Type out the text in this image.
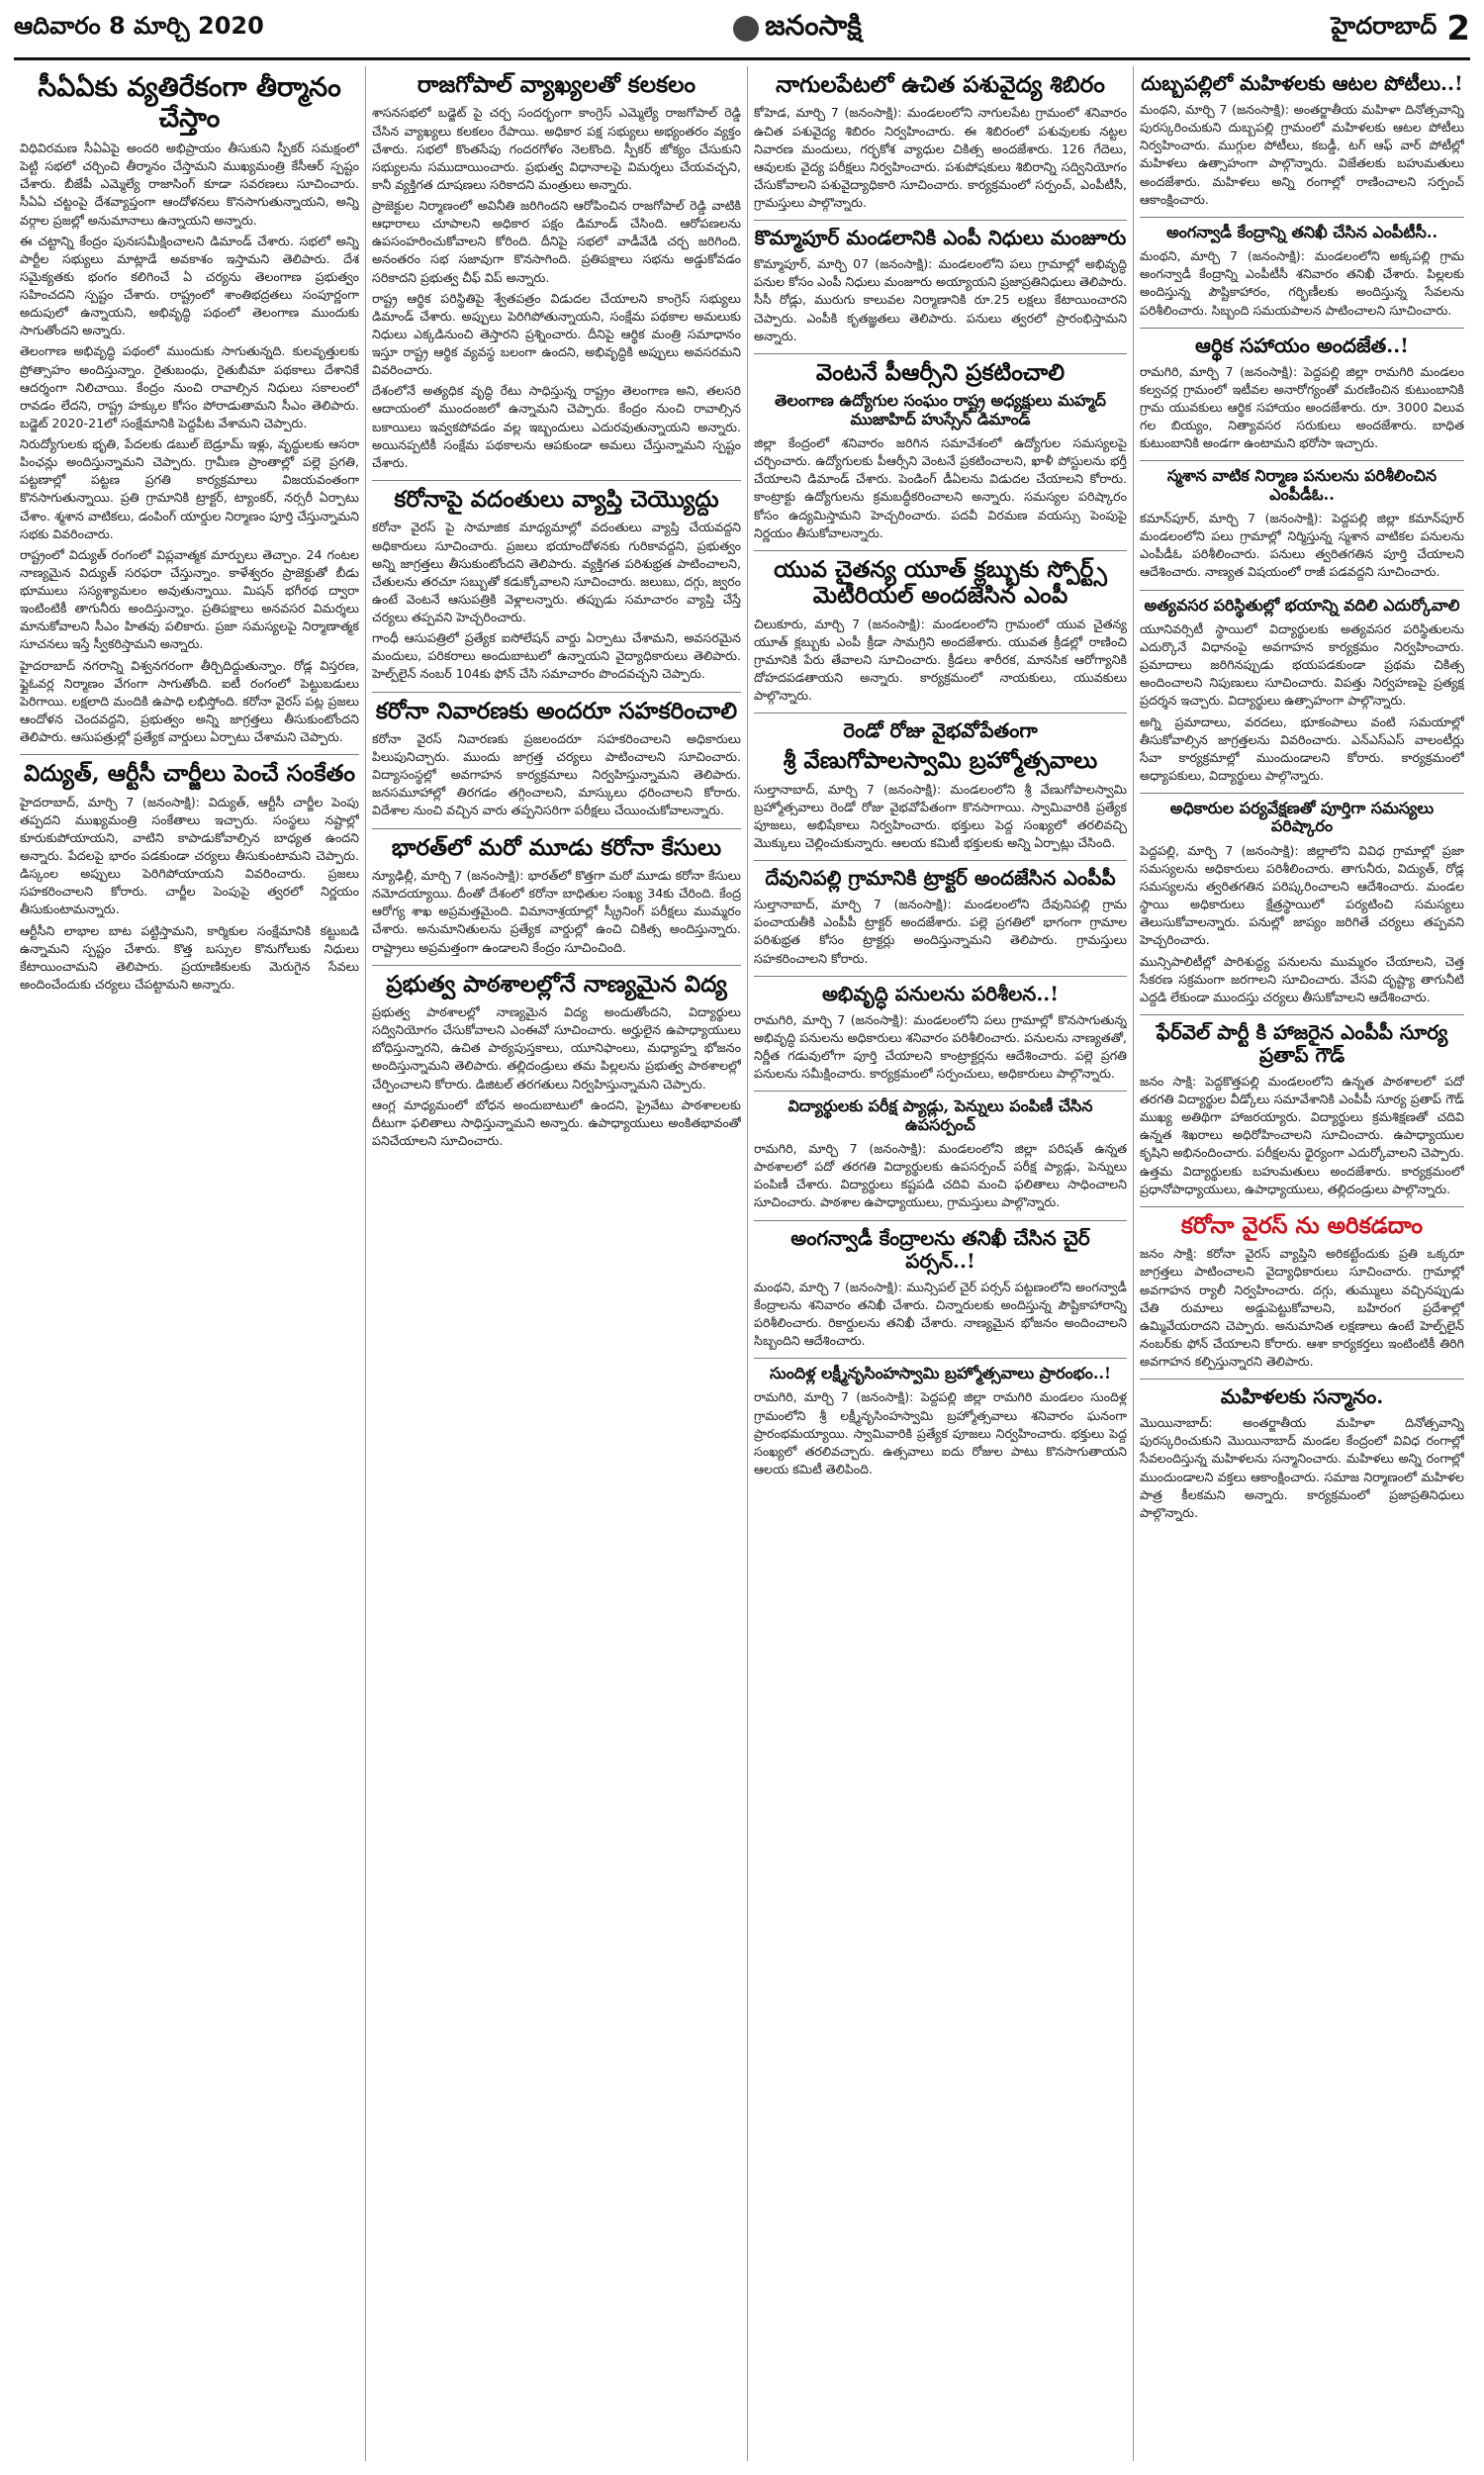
ఆదివారం 8 మార్చి 2020	జనంసాక్షి	హైదరాబాద్ 2
సీఏఏకు వ్యతిరేకంగా తీర్మానం చేస్తాం

విధివిరమణ సీఏఏపై అందరి అభిప్రాయం తీసుకుని స్పీకర్ సమక్షంలో పెట్టి సభలో చర్చించి తీర్మానం చేస్తామని ముఖ్యమంత్రి కేసీఆర్ స్పష్టం చేశారు. బీజేపీ ఎమ్మెల్యే రాజాసింగ్ కూడా సవరణలు సూచించారు. సీఏఏ చట్టంపై దేశవ్యాప్తంగా ఆందోళనలు కొనసాగుతున్నాయని, అన్ని వర్గాల ప్రజల్లో అనుమానాలు ఉన్నాయని అన్నారు.

ఈ చట్టాన్ని కేంద్రం పునఃసమీక్షించాలని డిమాండ్ చేశారు. సభలో అన్ని పార్టీల సభ్యులు మాట్లాడే అవకాశం ఇస్తామని తెలిపారు. దేశ సమైక్యతకు భంగం కలిగించే ఏ చర్యను తెలంగాణ ప్రభుత్వం సహించదని స్పష్టం చేశారు. రాష్ట్రంలో శాంతిభద్రతలు సంపూర్ణంగా అదుపులో ఉన్నాయని, అభివృద్ధి పథంలో తెలంగాణ ముందుకు సాగుతోందని అన్నారు.

తెలంగాణ అభివృద్ధి పథంలో ముందుకు సాగుతున్నది. కులవృత్తులకు ప్రోత్సాహం అందిస్తున్నాం. రైతుబంధు, రైతుబీమా పథకాలు దేశానికే ఆదర్శంగా నిలిచాయి. కేంద్రం నుంచి రావాల్సిన నిధులు సకాలంలో రావడం లేదని, రాష్ట్ర హక్కుల కోసం పోరాడుతామని సీఎం తెలిపారు. బడ్జెట్ 2020-21లో సంక్షేమానికి పెద్దపీట వేశామని చెప్పారు.

నిరుద్యోగులకు భృతి, పేదలకు డబుల్ బెడ్రూమ్ ఇళ్లు, వృద్ధులకు ఆసరా పింఛన్లు అందిస్తున్నామని చెప్పారు. గ్రామీణ ప్రాంతాల్లో పల్లె ప్రగతి, పట్టణాల్లో పట్టణ ప్రగతి కార్యక్రమాలు విజయవంతంగా కొనసాగుతున్నాయి. ప్రతి గ్రామానికి ట్రాక్టర్, ట్యాంకర్, నర్సరీ ఏర్పాటు చేశాం. శ్మశాన వాటికలు, డంపింగ్ యార్డుల నిర్మాణం పూర్తి చేస్తున్నామని సభకు వివరించారు.

రాష్ట్రంలో విద్యుత్ రంగంలో విప్లవాత్మక మార్పులు తెచ్చాం. 24 గంటల నాణ్యమైన విద్యుత్ సరఫరా చేస్తున్నాం. కాళేశ్వరం ప్రాజెక్టుతో బీడు భూములు సస్యశ్యామలం అవుతున్నాయి. మిషన్ భగీరథ ద్వారా ఇంటింటికీ తాగునీరు అందిస్తున్నాం. ప్రతిపక్షాలు అనవసర విమర్శలు మానుకోవాలని సీఎం హితవు పలికారు. ప్రజా సమస్యలపై నిర్మాణాత్మక సూచనలు ఇస్తే స్వీకరిస్తామని అన్నారు.

హైదరాబాద్ నగరాన్ని విశ్వనగరంగా తీర్చిదిద్దుతున్నాం. రోడ్ల విస్తరణ, ఫ్లైఓవర్ల నిర్మాణం వేగంగా సాగుతోంది. ఐటీ రంగంలో పెట్టుబడులు పెరిగాయి. లక్షలాది మందికి ఉపాధి లభిస్తోంది. కరోనా వైరస్ పట్ల ప్రజలు ఆందోళన చెందవద్దని, ప్రభుత్వం అన్ని జాగ్రత్తలు తీసుకుంటోందని తెలిపారు. ఆసుపత్రుల్లో ప్రత్యేక వార్డులు ఏర్పాటు చేశామని చెప్పారు.

విద్యుత్, ఆర్టీసీ చార్జీలు పెంచే సంకేతం

హైదరాబాద్, మార్చి 7 (జనంసాక్షి): విద్యుత్, ఆర్టీసీ చార్జీల పెంపు తప్పదని ముఖ్యమంత్రి సంకేతాలు ఇచ్చారు. సంస్థలు నష్టాల్లో కూరుకుపోయాయని, వాటిని కాపాడుకోవాల్సిన బాధ్యత ఉందని అన్నారు. పేదలపై భారం పడకుండా చర్యలు తీసుకుంటామని చెప్పారు. డిస్కంల అప్పులు పెరిగిపోయాయని వివరించారు. ప్రజలు సహకరించాలని కోరారు. చార్జీల పెంపుపై త్వరలో నిర్ణయం తీసుకుంటామన్నారు.

ఆర్టీసీని లాభాల బాట పట్టిస్తామని, కార్మికుల సంక్షేమానికి కట్టుబడి ఉన్నామని స్పష్టం చేశారు. కొత్త బస్సుల కొనుగోలుకు నిధులు కేటాయించామని తెలిపారు. ప్రయాణికులకు మెరుగైన సేవలు అందించేందుకు చర్యలు చేపట్టామని అన్నారు.

రాజగోపాల్ వ్యాఖ్యలతో కలకలం

శాసనసభలో బడ్జెట్ పై చర్చ సందర్భంగా కాంగ్రెస్ ఎమ్మెల్యే రాజగోపాల్ రెడ్డి చేసిన వ్యాఖ్యలు కలకలం రేపాయి. అధికార పక్ష సభ్యులు అభ్యంతరం వ్యక్తం చేశారు. సభలో కొంతసేపు గందరగోళం నెలకొంది. స్పీకర్ జోక్యం చేసుకుని సభ్యులను సముదాయించారు. ప్రభుత్వ విధానాలపై విమర్శలు చేయవచ్చని, కానీ వ్యక్తిగత దూషణలు సరికాదని మంత్రులు అన్నారు.

ప్రాజెక్టుల నిర్మాణంలో అవినీతి జరిగిందని ఆరోపించిన రాజగోపాల్ రెడ్డి వాటికి ఆధారాలు చూపాలని అధికార పక్షం డిమాండ్ చేసింది. ఆరోపణలను ఉపసంహరించుకోవాలని కోరింది. దీనిపై సభలో వాడీవేడి చర్చ జరిగింది. అనంతరం సభ సజావుగా కొనసాగింది. ప్రతిపక్షాలు సభను అడ్డుకోవడం సరికాదని ప్రభుత్వ చీఫ్ విప్ అన్నారు.

రాష్ట్ర ఆర్థిక పరిస్థితిపై శ్వేతపత్రం విడుదల చేయాలని కాంగ్రెస్ సభ్యులు డిమాండ్ చేశారు. అప్పులు పెరిగిపోతున్నాయని, సంక్షేమ పథకాల అమలుకు నిధులు ఎక్కడినుంచి తెస్తారని ప్రశ్నించారు. దీనిపై ఆర్థిక మంత్రి సమాధానం ఇస్తూ రాష్ట్ర ఆర్థిక వ్యవస్థ బలంగా ఉందని, అభివృద్ధికి అప్పులు అవసరమని వివరించారు.

దేశంలోనే అత్యధిక వృద్ధి రేటు సాధిస్తున్న రాష్ట్రం తెలంగాణ అని, తలసరి ఆదాయంలో ముందంజలో ఉన్నామని చెప్పారు. కేంద్రం నుంచి రావాల్సిన బకాయిలు ఇవ్వకపోవడం వల్ల ఇబ్బందులు ఎదురవుతున్నాయని అన్నారు. అయినప్పటికీ సంక్షేమ పథకాలను ఆపకుండా అమలు చేస్తున్నామని స్పష్టం చేశారు.

కరోనాపై వదంతులు వ్యాప్తి చెయ్యొద్దు

కరోనా వైరస్ పై సామాజిక మాధ్యమాల్లో వదంతులు వ్యాప్తి చేయవద్దని అధికారులు సూచించారు. ప్రజలు భయాందోళనకు గురికావద్దని, ప్రభుత్వం అన్ని జాగ్రత్తలు తీసుకుంటోందని తెలిపారు. వ్యక్తిగత పరిశుభ్రత పాటించాలని, చేతులను తరచూ సబ్బుతో కడుక్కోవాలని సూచించారు. జలుబు, దగ్గు, జ్వరం ఉంటే వెంటనే ఆసుపత్రికి వెళ్లాలన్నారు. తప్పుడు సమాచారం వ్యాప్తి చేస్తే చర్యలు తప్పవని హెచ్చరించారు.

గాంధీ ఆసుపత్రిలో ప్రత్యేక ఐసోలేషన్ వార్డు ఏర్పాటు చేశామని, అవసరమైన మందులు, పరికరాలు అందుబాటులో ఉన్నాయని వైద్యాధికారులు తెలిపారు. హెల్ప్‌లైన్ నంబర్ 104కు ఫోన్ చేసి సమాచారం పొందవచ్చని చెప్పారు.

కరోనా నివారణకు అందరూ సహకరించాలి

కరోనా వైరస్ నివారణకు ప్రజలందరూ సహకరించాలని అధికారులు పిలుపునిచ్చారు. ముందు జాగ్రత్త చర్యలు పాటించాలని సూచించారు. విద్యాసంస్థల్లో అవగాహన కార్యక్రమాలు నిర్వహిస్తున్నామని తెలిపారు. జనసమూహాల్లో తిరగడం తగ్గించాలని, మాస్కులు ధరించాలని కోరారు. విదేశాల నుంచి వచ్చిన వారు తప్పనిసరిగా పరీక్షలు చేయించుకోవాలన్నారు.

భారత్‌లో మరో మూడు కరోనా కేసులు

న్యూఢిల్లీ, మార్చి 7 (జనంసాక్షి): భారత్‌లో కొత్తగా మరో మూడు కరోనా కేసులు నమోదయ్యాయి. దీంతో దేశంలో కరోనా బాధితుల సంఖ్య 34కు చేరింది. కేంద్ర ఆరోగ్య శాఖ అప్రమత్తమైంది. విమానాశ్రయాల్లో స్క్రీనింగ్ పరీక్షలు ముమ్మరం చేశారు. అనుమానితులను ప్రత్యేక వార్డుల్లో ఉంచి చికిత్స అందిస్తున్నారు. రాష్ట్రాలు అప్రమత్తంగా ఉండాలని కేంద్రం సూచించింది.

ప్రభుత్వ పాఠశాలల్లోనే నాణ్యమైన విద్య

ప్రభుత్వ పాఠశాలల్లో నాణ్యమైన విద్య అందుతోందని, విద్యార్థులు సద్వినియోగం చేసుకోవాలని ఎంఈవో సూచించారు. అర్హులైన ఉపాధ్యాయులు బోధిస్తున్నారని, ఉచిత పాఠ్యపుస్తకాలు, యూనిఫాంలు, మధ్యాహ్న భోజనం అందిస్తున్నామని తెలిపారు. తల్లిదండ్రులు తమ పిల్లలను ప్రభుత్వ పాఠశాలల్లో చేర్పించాలని కోరారు. డిజిటల్ తరగతులు నిర్వహిస్తున్నామని చెప్పారు.

ఆంగ్ల మాధ్యమంలో బోధన అందుబాటులో ఉందని, ప్రైవేటు పాఠశాలలకు దీటుగా ఫలితాలు సాధిస్తున్నామని అన్నారు. ఉపాధ్యాయులు అంకితభావంతో పనిచేయాలని సూచించారు.

నాగులపేటలో ఉచిత పశువైద్య శిబిరం

కోహెడ, మార్చి 7 (జనంసాక్షి): మండలంలోని నాగులపేట గ్రామంలో శనివారం ఉచిత పశువైద్య శిబిరం నిర్వహించారు. ఈ శిబిరంలో పశువులకు నట్టల నివారణ మందులు, గర్భకోశ వ్యాధుల చికిత్స అందజేశారు. 126 గేదెలు, ఆవులకు వైద్య పరీక్షలు నిర్వహించారు. పశుపోషకులు శిబిరాన్ని సద్వినియోగం చేసుకోవాలని పశువైద్యాధికారి సూచించారు. కార్యక్రమంలో సర్పంచ్, ఎంపీటీసీ, గ్రామస్తులు పాల్గొన్నారు.

కొమ్మాపూర్ మండలానికి ఎంపీ నిధులు మంజూరు

కొమ్మాపూర్, మార్చి 07 (జనంసాక్షి): మండలంలోని పలు గ్రామాల్లో అభివృద్ధి పనుల కోసం ఎంపీ నిధులు మంజూరు అయ్యాయని ప్రజాప్రతినిధులు తెలిపారు. సీసీ రోడ్లు, మురుగు కాలువల నిర్మాణానికి రూ.25 లక్షలు కేటాయించారని చెప్పారు. ఎంపీకి కృతజ్ఞతలు తెలిపారు. పనులు త్వరలో ప్రారంభిస్తామని అన్నారు.

వెంటనే పీఆర్సీని ప్రకటించాలి
తెలంగాణ ఉద్యోగుల సంఘం రాష్ట్ర అధ్యక్షులు మహ్మద్ ముజాహిద్ హుస్సేన్ డిమాండ్

జిల్లా కేంద్రంలో శనివారం జరిగిన సమావేశంలో ఉద్యోగుల సమస్యలపై చర్చించారు. ఉద్యోగులకు పీఆర్సీని వెంటనే ప్రకటించాలని, ఖాళీ పోస్టులను భర్తీ చేయాలని డిమాండ్ చేశారు. పెండింగ్ డీఏలను విడుదల చేయాలని కోరారు. కాంట్రాక్టు ఉద్యోగులను క్రమబద్ధీకరించాలని అన్నారు. సమస్యల పరిష్కారం కోసం ఉద్యమిస్తామని హెచ్చరించారు. పదవీ విరమణ వయస్సు పెంపుపై నిర్ణయం తీసుకోవాలన్నారు.

యువ చైతన్య యూత్ క్లబ్బుకు స్పోర్ట్స్ మెటీరియల్ అందజేసిన ఎంపీ

చిలుకూరు, మార్చి 7 (జనంసాక్షి): మండలంలోని గ్రామంలో యువ చైతన్య యూత్ క్లబ్బుకు ఎంపీ క్రీడా సామగ్రిని అందజేశారు. యువత క్రీడల్లో రాణించి గ్రామానికి పేరు తేవాలని సూచించారు. క్రీడలు శారీరక, మానసిక ఆరోగ్యానికి దోహదపడతాయని అన్నారు. కార్యక్రమంలో నాయకులు, యువకులు పాల్గొన్నారు.

రెండో రోజు వైభవోపేతంగా
శ్రీ వేణుగోపాలస్వామి బ్రహ్మోత్సవాలు

సుల్తానాబాద్, మార్చి 7 (జనంసాక్షి): మండలంలోని శ్రీ వేణుగోపాలస్వామి బ్రహ్మోత్సవాలు రెండో రోజు వైభవోపేతంగా కొనసాగాయి. స్వామివారికి ప్రత్యేక పూజలు, అభిషేకాలు నిర్వహించారు. భక్తులు పెద్ద సంఖ్యలో తరలివచ్చి మొక్కులు చెల్లించుకున్నారు. ఆలయ కమిటీ భక్తులకు అన్ని ఏర్పాట్లు చేసింది.

దేవునిపల్లి గ్రామానికి ట్రాక్టర్ అందజేసిన ఎంపీపీ

సుల్తానాబాద్, మార్చి 7 (జనంసాక్షి): మండలంలోని దేవునిపల్లి గ్రామ పంచాయతీకి ఎంపీపీ ట్రాక్టర్ అందజేశారు. పల్లె ప్రగతిలో భాగంగా గ్రామాల పరిశుభ్రత కోసం ట్రాక్టర్లు అందిస్తున్నామని తెలిపారు. గ్రామస్తులు సహకరించాలని కోరారు.

అభివృద్ధి పనులను పరిశీలన..!

రామగిరి, మార్చి 7 (జనంసాక్షి): మండలంలోని పలు గ్రామాల్లో కొనసాగుతున్న అభివృద్ధి పనులను అధికారులు శనివారం పరిశీలించారు. పనులను నాణ్యతతో, నిర్ణీత గడువులోగా పూర్తి చేయాలని కాంట్రాక్టర్లను ఆదేశించారు. పల్లె ప్రగతి పనులను సమీక్షించారు. కార్యక్రమంలో సర్పంచులు, అధికారులు పాల్గొన్నారు.

విద్యార్థులకు పరీక్ష ప్యాడ్లు, పెన్నులు పంపిణీ చేసిన ఉపసర్పంచ్

రామగిరి, మార్చి 7 (జనంసాక్షి): మండలంలోని జిల్లా పరిషత్ ఉన్నత పాఠశాలలో పదో తరగతి విద్యార్థులకు ఉపసర్పంచ్ పరీక్ష ప్యాడ్లు, పెన్నులు పంపిణీ చేశారు. విద్యార్థులు కష్టపడి చదివి మంచి ఫలితాలు సాధించాలని సూచించారు. పాఠశాల ఉపాధ్యాయులు, గ్రామస్తులు పాల్గొన్నారు.

అంగన్వాడీ కేంద్రాలను తనిఖీ చేసిన చైర్ పర్సన్..!

మంథని, మార్చి 7 (జనంసాక్షి): మున్సిపల్ చైర్ పర్సన్ పట్టణంలోని అంగన్వాడీ కేంద్రాలను శనివారం తనిఖీ చేశారు. చిన్నారులకు అందిస్తున్న పౌష్టికాహారాన్ని పరిశీలించారు. రికార్డులను తనిఖీ చేశారు. నాణ్యమైన భోజనం అందించాలని సిబ్బందిని ఆదేశించారు.

సుందిళ్ల లక్ష్మీనృసింహస్వామి బ్రహ్మోత్సవాలు ప్రారంభం..!

రామగిరి, మార్చి 7 (జనంసాక్షి): పెద్దపల్లి జిల్లా రామగిరి మండలం సుందిళ్ల గ్రామంలోని శ్రీ లక్ష్మీనృసింహస్వామి బ్రహ్మోత్సవాలు శనివారం ఘనంగా ప్రారంభమయ్యాయి. స్వామివారికి ప్రత్యేక పూజలు నిర్వహించారు. భక్తులు పెద్ద సంఖ్యలో తరలివచ్చారు. ఉత్సవాలు ఐదు రోజుల పాటు కొనసాగుతాయని ఆలయ కమిటీ తెలిపింది.

దుబ్బపల్లిలో మహిళలకు ఆటల పోటీలు..!

మంథని, మార్చి 7 (జనంసాక్షి): అంతర్జాతీయ మహిళా దినోత్సవాన్ని పురస్కరించుకుని దుబ్బపల్లి గ్రామంలో మహిళలకు ఆటల పోటీలు నిర్వహించారు. ముగ్గుల పోటీలు, కబడ్డీ, టగ్ ఆఫ్ వార్ పోటీల్లో మహిళలు ఉత్సాహంగా పాల్గొన్నారు. విజేతలకు బహుమతులు అందజేశారు. మహిళలు అన్ని రంగాల్లో రాణించాలని సర్పంచ్ ఆకాంక్షించారు.

అంగన్వాడీ కేంద్రాన్ని తనిఖీ చేసిన ఎంపీటీసీ..

మంథని, మార్చి 7 (జనంసాక్షి): మండలంలోని అక్కపల్లి గ్రామ అంగన్వాడీ కేంద్రాన్ని ఎంపీటీసీ శనివారం తనిఖీ చేశారు. పిల్లలకు అందిస్తున్న పౌష్టికాహారం, గర్భిణీలకు అందిస్తున్న సేవలను పరిశీలించారు. సిబ్బంది సమయపాలన పాటించాలని సూచించారు.

ఆర్థిక సహాయం అందజేత..!

రామగిరి, మార్చి 7 (జనంసాక్షి): పెద్దపల్లి జిల్లా రామగిరి మండలం కల్వచర్ల గ్రామంలో ఇటీవల అనారోగ్యంతో మరణించిన కుటుంబానికి గ్రామ యువకులు ఆర్థిక సహాయం అందజేశారు. రూ. 3000 విలువ గల బియ్యం, నిత్యావసర సరుకులు అందజేశారు. బాధిత కుటుంబానికి అండగా ఉంటామని భరోసా ఇచ్చారు.

స్మశాన వాటిక నిర్మాణ పనులను పరిశీలించిన ఎంపీడీఓ..

కమాన్‌పూర్, మార్చి 7 (జనంసాక్షి): పెద్దపల్లి జిల్లా కమాన్‌పూర్ మండలంలోని పలు గ్రామాల్లో నిర్మిస్తున్న స్మశాన వాటికల పనులను ఎంపీడీఓ పరిశీలించారు. పనులు త్వరితగతిన పూర్తి చేయాలని ఆదేశించారు. నాణ్యత విషయంలో రాజీ పడవద్దని సూచించారు.

అత్యవసర పరిస్థితుల్లో భయాన్ని వదిలి ఎదుర్కోవాలి

యూనివర్సిటీ స్థాయిలో విద్యార్థులకు అత్యవసర పరిస్థితులను ఎదుర్కొనే విధానంపై అవగాహన కార్యక్రమం నిర్వహించారు. ప్రమాదాలు జరిగినప్పుడు భయపడకుండా ప్రథమ చికిత్స అందించాలని నిపుణులు సూచించారు. విపత్తు నిర్వహణపై ప్రత్యక్ష ప్రదర్శన ఇచ్చారు. విద్యార్థులు ఉత్సాహంగా పాల్గొన్నారు.

అగ్ని ప్రమాదాలు, వరదలు, భూకంపాలు వంటి సమయాల్లో తీసుకోవాల్సిన జాగ్రత్తలను వివరించారు. ఎన్‌ఎస్‌ఎస్ వాలంటీర్లు సేవా కార్యక్రమాల్లో ముందుండాలని కోరారు. కార్యక్రమంలో అధ్యాపకులు, విద్యార్థులు పాల్గొన్నారు.

అధికారుల పర్యవేక్షణతో పూర్తిగా సమస్యలు పరిష్కారం

పెద్దపల్లి, మార్చి 7 (జనంసాక్షి): జిల్లాలోని వివిధ గ్రామాల్లో ప్రజా సమస్యలను అధికారులు పరిశీలించారు. తాగునీరు, విద్యుత్, రోడ్ల సమస్యలను త్వరితగతిన పరిష్కరించాలని ఆదేశించారు. మండల స్థాయి అధికారులు క్షేత్రస్థాయిలో పర్యటించి సమస్యలు తెలుసుకోవాలన్నారు. పనుల్లో జాప్యం జరిగితే చర్యలు తప్పవని హెచ్చరించారు.

మున్సిపాలిటీల్లో పారిశుద్ధ్య పనులను ముమ్మరం చేయాలని, చెత్త సేకరణ సక్రమంగా జరగాలని సూచించారు. వేసవి దృష్ట్యా తాగునీటి ఎద్దడి లేకుండా ముందస్తు చర్యలు తీసుకోవాలని ఆదేశించారు.

ఫేర్‌వెల్ పార్టీ కి హాజరైన ఎంపీపీ సూర్య ప్రతాప్ గౌడ్

జనం సాక్షి: పెద్దకొత్తపల్లి మండలంలోని ఉన్నత పాఠశాలలో పదో తరగతి విద్యార్థుల వీడ్కోలు సమావేశానికి ఎంపీపీ సూర్య ప్రతాప్ గౌడ్ ముఖ్య అతిథిగా హాజరయ్యారు. విద్యార్థులు క్రమశిక్షణతో చదివి ఉన్నత శిఖరాలు అధిరోహించాలని సూచించారు. ఉపాధ్యాయుల కృషిని అభినందించారు. పరీక్షలను ధైర్యంగా ఎదుర్కోవాలని చెప్పారు. ఉత్తమ విద్యార్థులకు బహుమతులు అందజేశారు. కార్యక్రమంలో ప్రధానోపాధ్యాయులు, ఉపాధ్యాయులు, తల్లిదండ్రులు పాల్గొన్నారు.

కరోనా వైరస్ ను అరికడదాం

జనం సాక్షి: కరోనా వైరస్ వ్యాప్తిని అరికట్టేందుకు ప్రతి ఒక్కరూ జాగ్రత్తలు పాటించాలని వైద్యాధికారులు సూచించారు. గ్రామాల్లో అవగాహన ర్యాలీ నిర్వహించారు. దగ్గు, తుమ్ములు వచ్చినప్పుడు చేతి రుమాలు అడ్డుపెట్టుకోవాలని, బహిరంగ ప్రదేశాల్లో ఉమ్మివేయరాదని చెప్పారు. అనుమానిత లక్షణాలు ఉంటే హెల్ప్‌లైన్ నంబర్‌కు ఫోన్ చేయాలని కోరారు. ఆశా కార్యకర్తలు ఇంటింటికీ తిరిగి అవగాహన కల్పిస్తున్నారని తెలిపారు.

మహిళలకు సన్మానం.

మొయినాబాద్: అంతర్జాతీయ మహిళా దినోత్సవాన్ని పురస్కరించుకుని మొయినాబాద్ మండల కేంద్రంలో వివిధ రంగాల్లో సేవలందిస్తున్న మహిళలను సన్మానించారు. మహిళలు అన్ని రంగాల్లో ముందుండాలని వక్తలు ఆకాంక్షించారు. సమాజ నిర్మాణంలో మహిళల పాత్ర కీలకమని అన్నారు. కార్యక్రమంలో ప్రజాప్రతినిధులు పాల్గొన్నారు.
